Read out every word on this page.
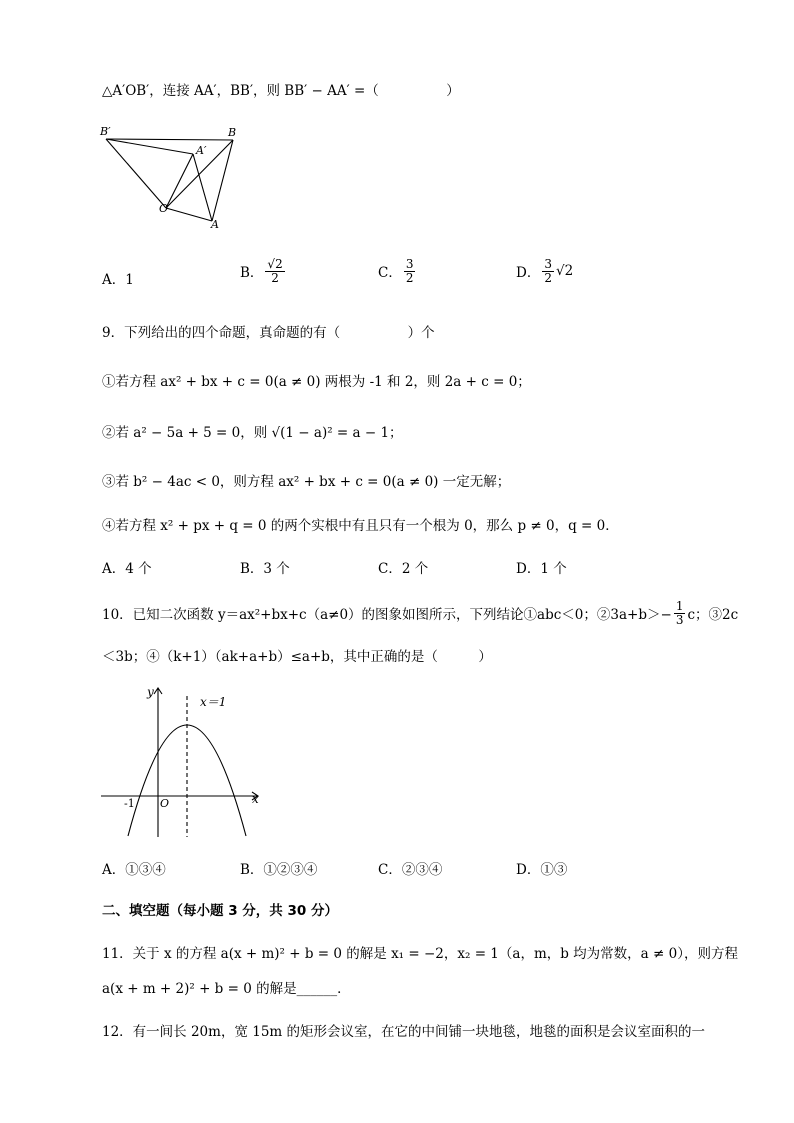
△A′OB′，连接 AA′，BB′，则 BB′ − AA′ =（　　　　　）
B′	B
A′
O
A
A．1	B． $\frac{√2}{2}$	C． $\frac{3}{2}$	D． $\frac{3}{2} √2$
9．下列给出的四个命题，真命题的有（　　　　　）个
①若方程 ax² + bx + c = 0(a ≠ 0) 两根为 -1 和 2，则 2a + c = 0；
②若 a² − 5a + 5 = 0，则 √(1 − a)² = a − 1；
③若 b² − 4ac < 0，则方程 ax² + bx + c = 0(a ≠ 0) 一定无解；
④若方程 x² + px + q = 0 的两个实根中有且只有一个根为 0，那么 p ≠ 0，q = 0．
A．4 个	B．3 个	C．2 个	D．1 个
10．已知二次函数 y＝ax²+bx+c（a≠0）的图象如图所示，下列结论①abc＜0；②3a+b＞− $\frac{1}{3}$ c；③2c
＜3b；④（k+1）（ak+a+b）≤a+b，其中正确的是（　　　）
y
x
O
-1
x＝1
A．①③④	B．①②③④	C．②③④	D．①③
二、填空题（每小题 3 分，共 30 分）
11．关于 x 的方程 a(x + m)² + b = 0 的解是 x₁ = −2，x₂ = 1（a，m，b 均为常数，a ≠ 0），则方程
a(x + m + 2)² + b = 0 的解是______．
12．有一间长 20m，宽 15m 的矩形会议室，在它的中间铺一块地毯，地毯的面积是会议室面积的一
